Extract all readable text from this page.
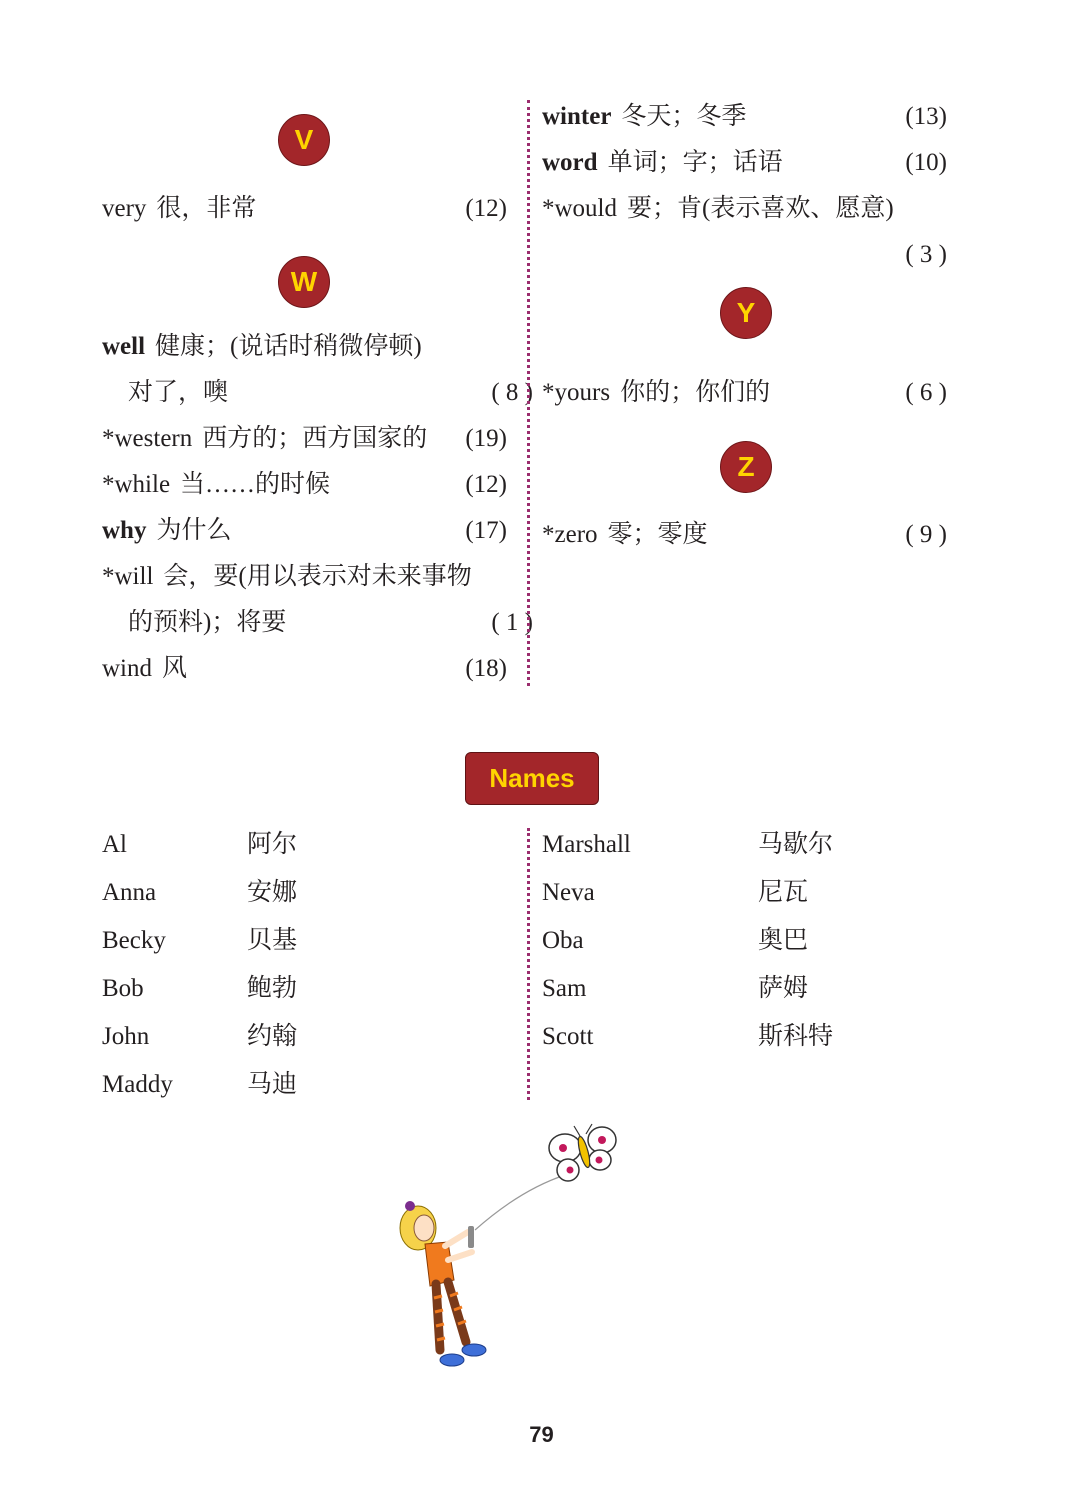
V
very 很，非常	(12)
W
well 健康；(说话时稍微停顿)
对了，噢	( 8 )
*western 西方的；西方国家的 (19)
*while 当……的时候	(12)
why 为什么	(17)
*will 会，要(用以表示对未来事物
的预料)；将要	( 1 )
wind 风	(18)
winter 冬天；冬季	(13)
word 单词；字；话语	(10)
*would 要；肯(表示喜欢、愿意)
( 3 )
Y
*yours 你的；你们的	( 6 )
Z
*zero 零；零度	( 9 )
Names
Al	阿尔
Anna	安娜
Becky	贝基
Bob	鲍勃
John	约翰
Maddy	马迪
Marshall	马歇尔
Neva	尼瓦
Oba	奥巴
Sam	萨姆
Scott	斯科特
79
